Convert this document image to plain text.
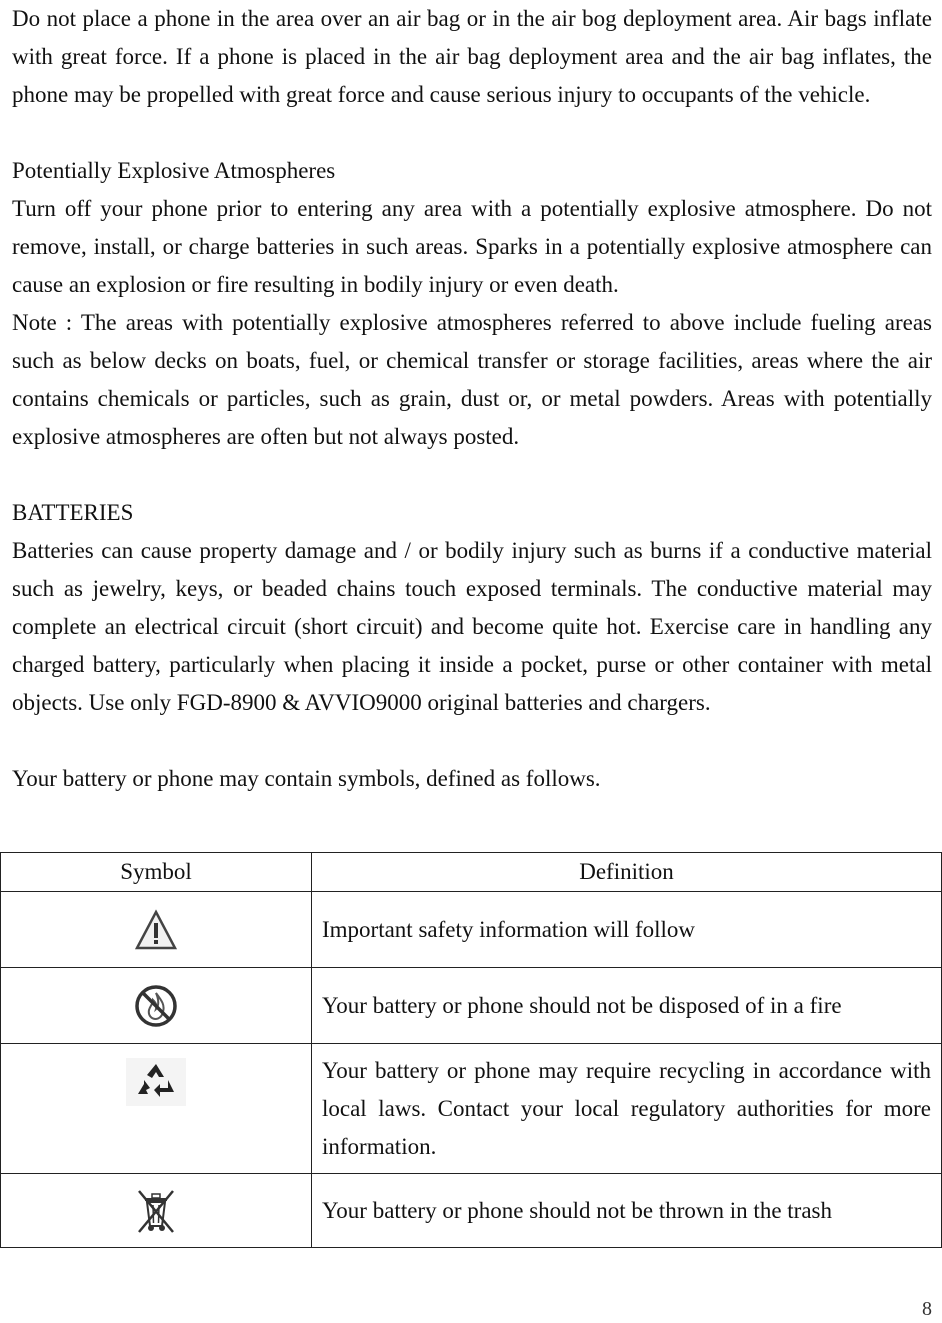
Do not place a phone in the area over an air bag or in the air bog deployment area. Air bags inflate with great force. If a phone is placed in the air bag deployment area and the air bag inflates, the phone may be propelled with great force and cause serious injury to occupants of the vehicle.

Potentially Explosive Atmospheres

Turn off your phone prior to entering any area with a potentially explosive atmosphere. Do not remove, install, or charge batteries in such areas. Sparks in a potentially explosive atmosphere can cause an explosion or fire resulting in bodily injury or even death.

Note : The areas with potentially explosive atmospheres referred to above include fueling areas such as below decks on boats, fuel, or chemical transfer or storage facilities, areas where the air contains chemicals or particles, such as grain, dust or, or metal powders. Areas with potentially explosive atmospheres are often but not always posted.

BATTERIES

Batteries can cause property damage and / or bodily injury such as burns if a conductive material such as jewelry, keys, or beaded chains touch exposed terminals. The conductive material may complete an electrical circuit (short circuit) and become quite hot. Exercise care in handling any charged battery, particularly when placing it inside a pocket, purse or other container with metal objects. Use only FGD-8900 & AVVIO9000 original batteries and chargers.

Your battery or phone may contain symbols, defined as follows.

Symbol	Definition

	Important safety information will follow

	Your battery or phone should not be disposed of in a fire

	Your battery or phone may require recycling in accordance with local laws. Contact your local regulatory authorities for more information.

	Your battery or phone should not be thrown in the trash
8
